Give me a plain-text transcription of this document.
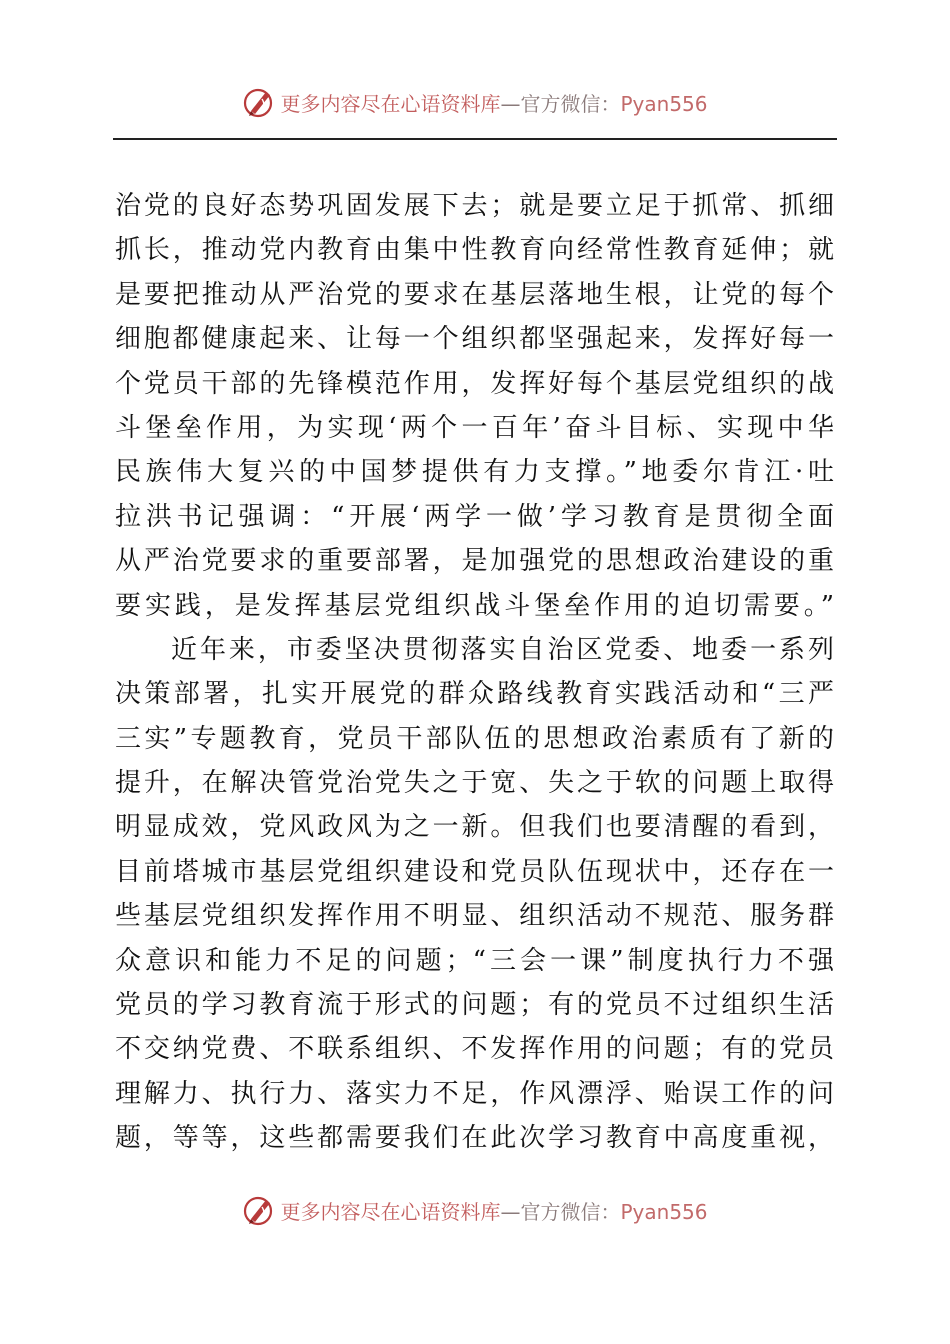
更多内容尽在心语资料库—官方微信：Pyan556
治党的良好态势巩固发展下去；就是要立足于抓常、抓细
抓长，推动党内教育由集中性教育向经常性教育延伸；就
是要把推动从严治党的要求在基层落地生根，让党的每个
细胞都健康起来、让每一个组织都坚强起来，发挥好每一
个党员干部的先锋模范作用，发挥好每个基层党组织的战
斗堡垒作用，为实现‘两个一百年’奋斗目标、实现中华
民族伟大复兴的中国梦提供有力支撑。”地委尔肯江·吐
拉洪书记强调：“开展‘两学一做’学习教育是贯彻全面
从严治党要求的重要部署，是加强党的思想政治建设的重
要实践，是发挥基层党组织战斗堡垒作用的迫切需要。”
近年来，市委坚决贯彻落实自治区党委、地委一系列
决策部署，扎实开展党的群众路线教育实践活动和“三严
三实”专题教育，党员干部队伍的思想政治素质有了新的
提升，在解决管党治党失之于宽、失之于软的问题上取得
明显成效，党风政风为之一新。但我们也要清醒的看到，
目前塔城市基层党组织建设和党员队伍现状中，还存在一
些基层党组织发挥作用不明显、组织活动不规范、服务群
众意识和能力不足的问题；“三会一课”制度执行力不强
党员的学习教育流于形式的问题；有的党员不过组织生活
不交纳党费、不联系组织、不发挥作用的问题；有的党员
理解力、执行力、落实力不足，作风漂浮、贻误工作的问
题，等等，这些都需要我们在此次学习教育中高度重视，
更多内容尽在心语资料库—官方微信：Pyan556
